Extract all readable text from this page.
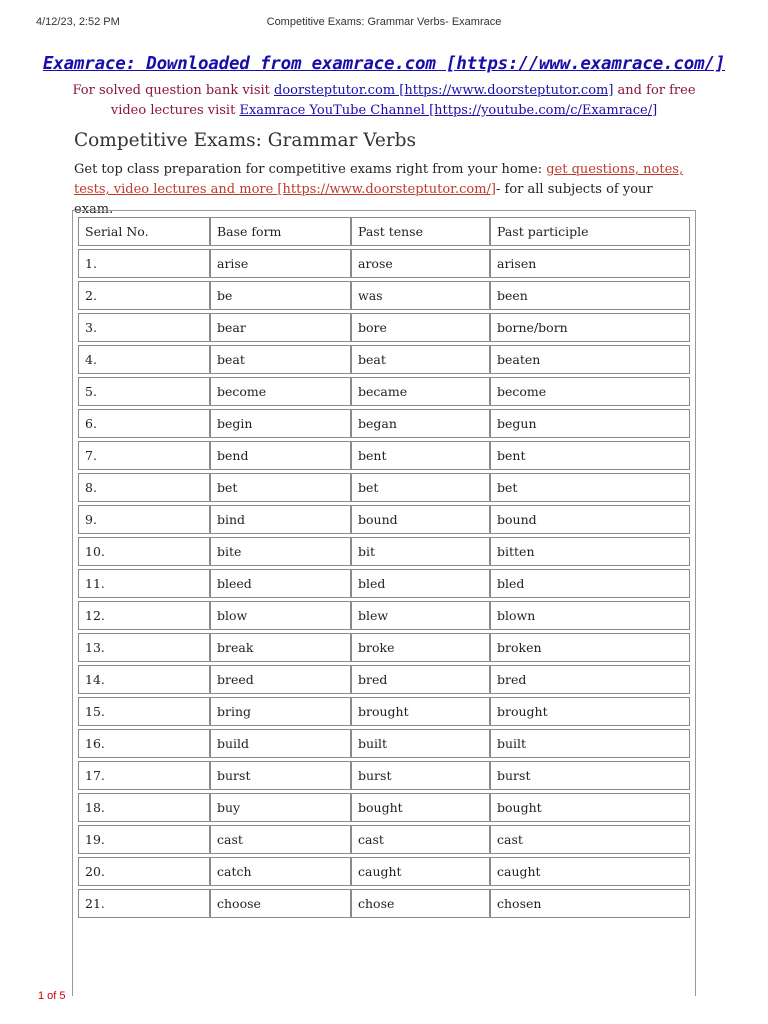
4/12/23, 2:52 PM	Competitive Exams: Grammar Verbs- Examrace
Examrace: Downloaded from examrace.com [https://www.examrace.com/]
For solved question bank visit doorsteptutor.com [https://www.doorsteptutor.com] and for free video lectures visit Examrace YouTube Channel [https://youtube.com/c/Examrace/]
Competitive Exams: Grammar Verbs
Get top class preparation for competitive exams right from your home: get questions, notes, tests, video lectures and more [https://www.doorsteptutor.com/]- for all subjects of your exam.
Serial No.	Base form	Past tense	Past participle
1.	arise	arose	arisen
2.	be	was	been
3.	bear	bore	borne/born
4.	beat	beat	beaten
5.	become	became	become
6.	begin	began	begun
7.	bend	bent	bent
8.	bet	bet	bet
9.	bind	bound	bound
10.	bite	bit	bitten
11.	bleed	bled	bled
12.	blow	blew	blown
13.	break	broke	broken
14.	breed	bred	bred
15.	bring	brought	brought
16.	build	built	built
17.	burst	burst	burst
18.	buy	bought	bought
19.	cast	cast	cast
20.	catch	caught	caught
21.	choose	chose	chosen
1 of 5
